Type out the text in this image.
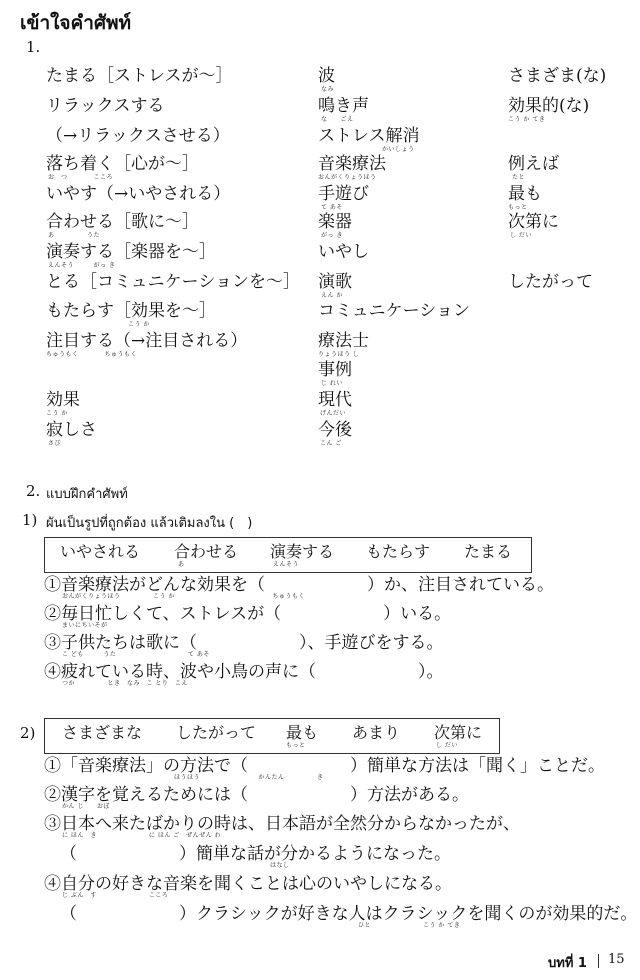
เข้าใจคำศัพท์
1.
たまる［ストレスが～］
リラックスする
（→リラックスさせる）
落ち着く［心が～］
お　つ　　　　こころ
いやす（→いやされる）
合わせる［歌に～］
あ　　　　　うた
演奏する［楽器を～］
えんそう　　　がっ き
とる［コミュニケーションを～］
もたらす［効果を～］
こう か
注目する（→注目される）
ちゅうもく　　　　ちゅうもく
効果
こう か
寂しさ
さび
波
なみ
鳴き声
な　　ごえ
ストレス解消
かいしょう
音楽療法
おんがくりょうほう
手遊び
て あそ
楽器
がっ き
いやし
演歌
えん か
コミュニケーション
療法士
りょうほう し
事例
じ れい
現代
げんだい
今後
こん ご
さまざま(な)
効果的(な)
こう か てき
例えば
たと
最も
もっと
次第に
し だい
したがって
2. แบบฝึกคำศัพท์
1) ผันเป็นรูปที่ถูกต้อง แล้วเติมลงใน (　)
いやされる 合わせる
あ
演奏する
えんそう
もたらす たまる
①音楽療法がどんな効果を（　　　　　　）か、注目されている。
おんがくりょうほう　　　　　こう か　　　　　　　　　　　　　　　ちゅうもく
②毎日忙しくて、ストレスが（　　　　　　）いる。
まいにちいそが
③子供たちは歌に（　　　　　　）、手遊びをする。
こ ども　　　うた　　　　　　　　　　　て あそ
④疲れている時、波や小鳥の声に（　　　　　　）。
つか　　　　　とき　なみ　こ とり　こえ
2) さまざまな したがって 最も
もっと
あまり 次第に
し だい
①「音楽療法」の方法で（　　　　　　）簡単な方法は「聞く」ことだ。
ほうほう　　　　　　　　　かんたん　　　　　き
②漢字を覚えるためには（　　　　　　）方法がある。
かん じ　　おぼ
③日本へ来たばかりの時は、日本語が全然分からなかったが、
に ほん　き　　　　　　　　に ほん ご　ぜんぜん わ
（　　　　　　）簡単な話が分かるようになった。
はなし
④自分の好きな音楽を聞くことは心のいやしになる。
じ ぶん　す　　　　　　　　こころ
（　　　　　　）クラシックが好きな人はクラシックを聞くのが効果的だ。
ひと　　　　　　　　こう か てき
บทที่ 1 15
